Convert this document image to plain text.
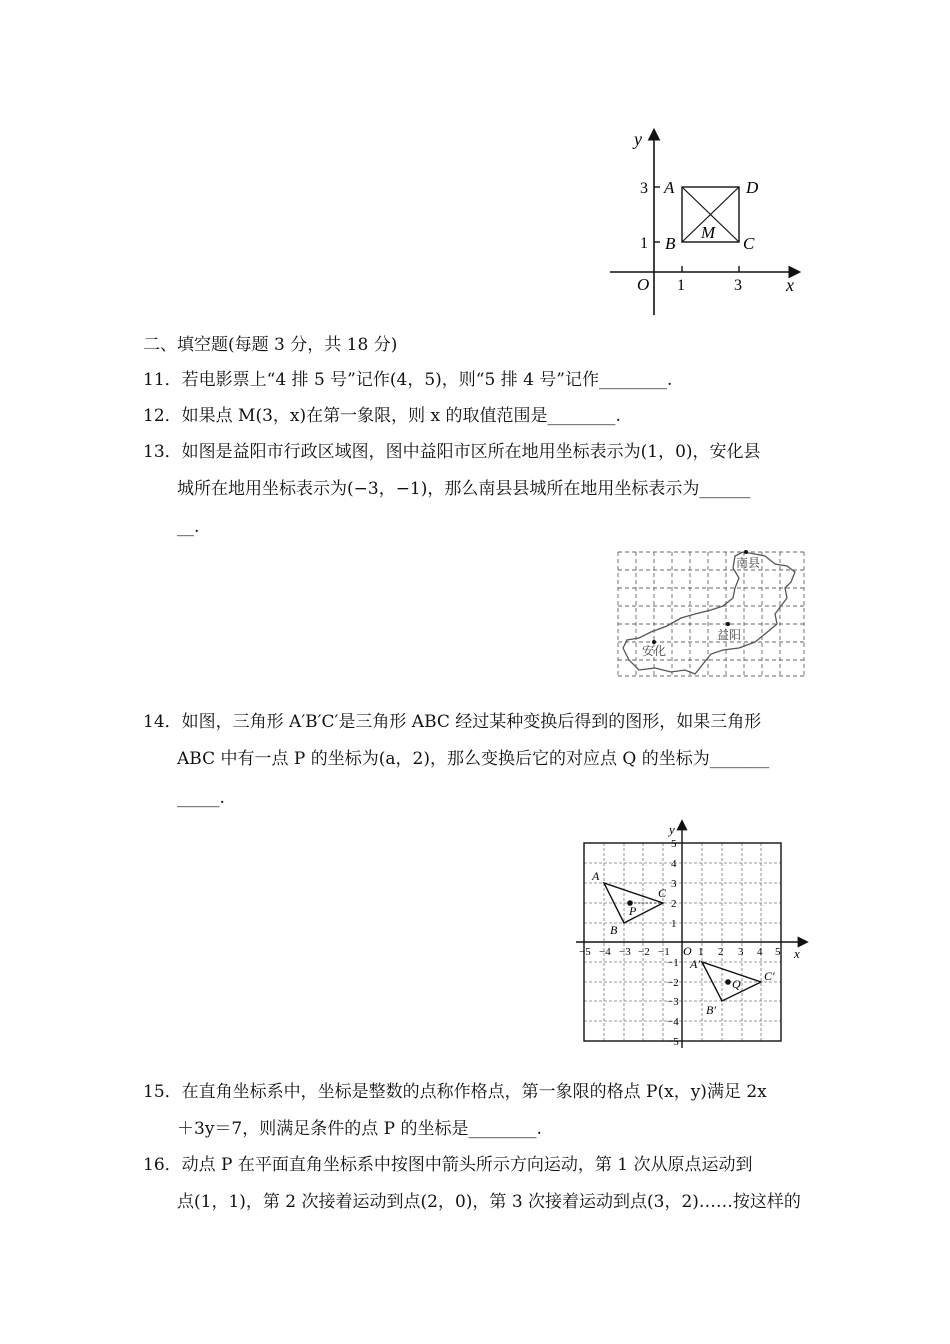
y
x
O 1	3
1
3 A
B	C
D
M
二、填空题(每题 3 分，共 18 分)
11．若电影票上“4 排 5 号”记作(4，5)，则“5 排 4 号”记作________.
12．如果点 M(3，x)在第一象限，则 x 的取值范围是________.
13．如图是益阳市行政区域图，图中益阳市区所在地用坐标表示为(1，0)，安化县
城所在地用坐标表示为(−3，−1)，那么南县县城所在地用坐标表示为______
__.
南县
益阳
安化
14．如图，三角形 A′B′C′是三角形 ABC 经过某种变换后得到的图形，如果三角形
ABC 中有一点 P 的坐标为(a，2)，那么变换后它的对应点 Q 的坐标为_______
_____.
y
x
O
−5 −4 −3 −2 −1	1 2 3 4 5
5
4
3
2
1
−1
−2
−3
−4
−5
A
B
C
P
A′
B′
C′
Q
15．在直角坐标系中，坐标是整数的点称作格点，第一象限的格点 P(x，y)满足 2x
＋3y＝7，则满足条件的点 P 的坐标是________.
16．动点 P 在平面直角坐标系中按图中箭头所示方向运动，第 1 次从原点运动到
点(1，1)，第 2 次接着运动到点(2，0)，第 3 次接着运动到点(3，2)……按这样的
